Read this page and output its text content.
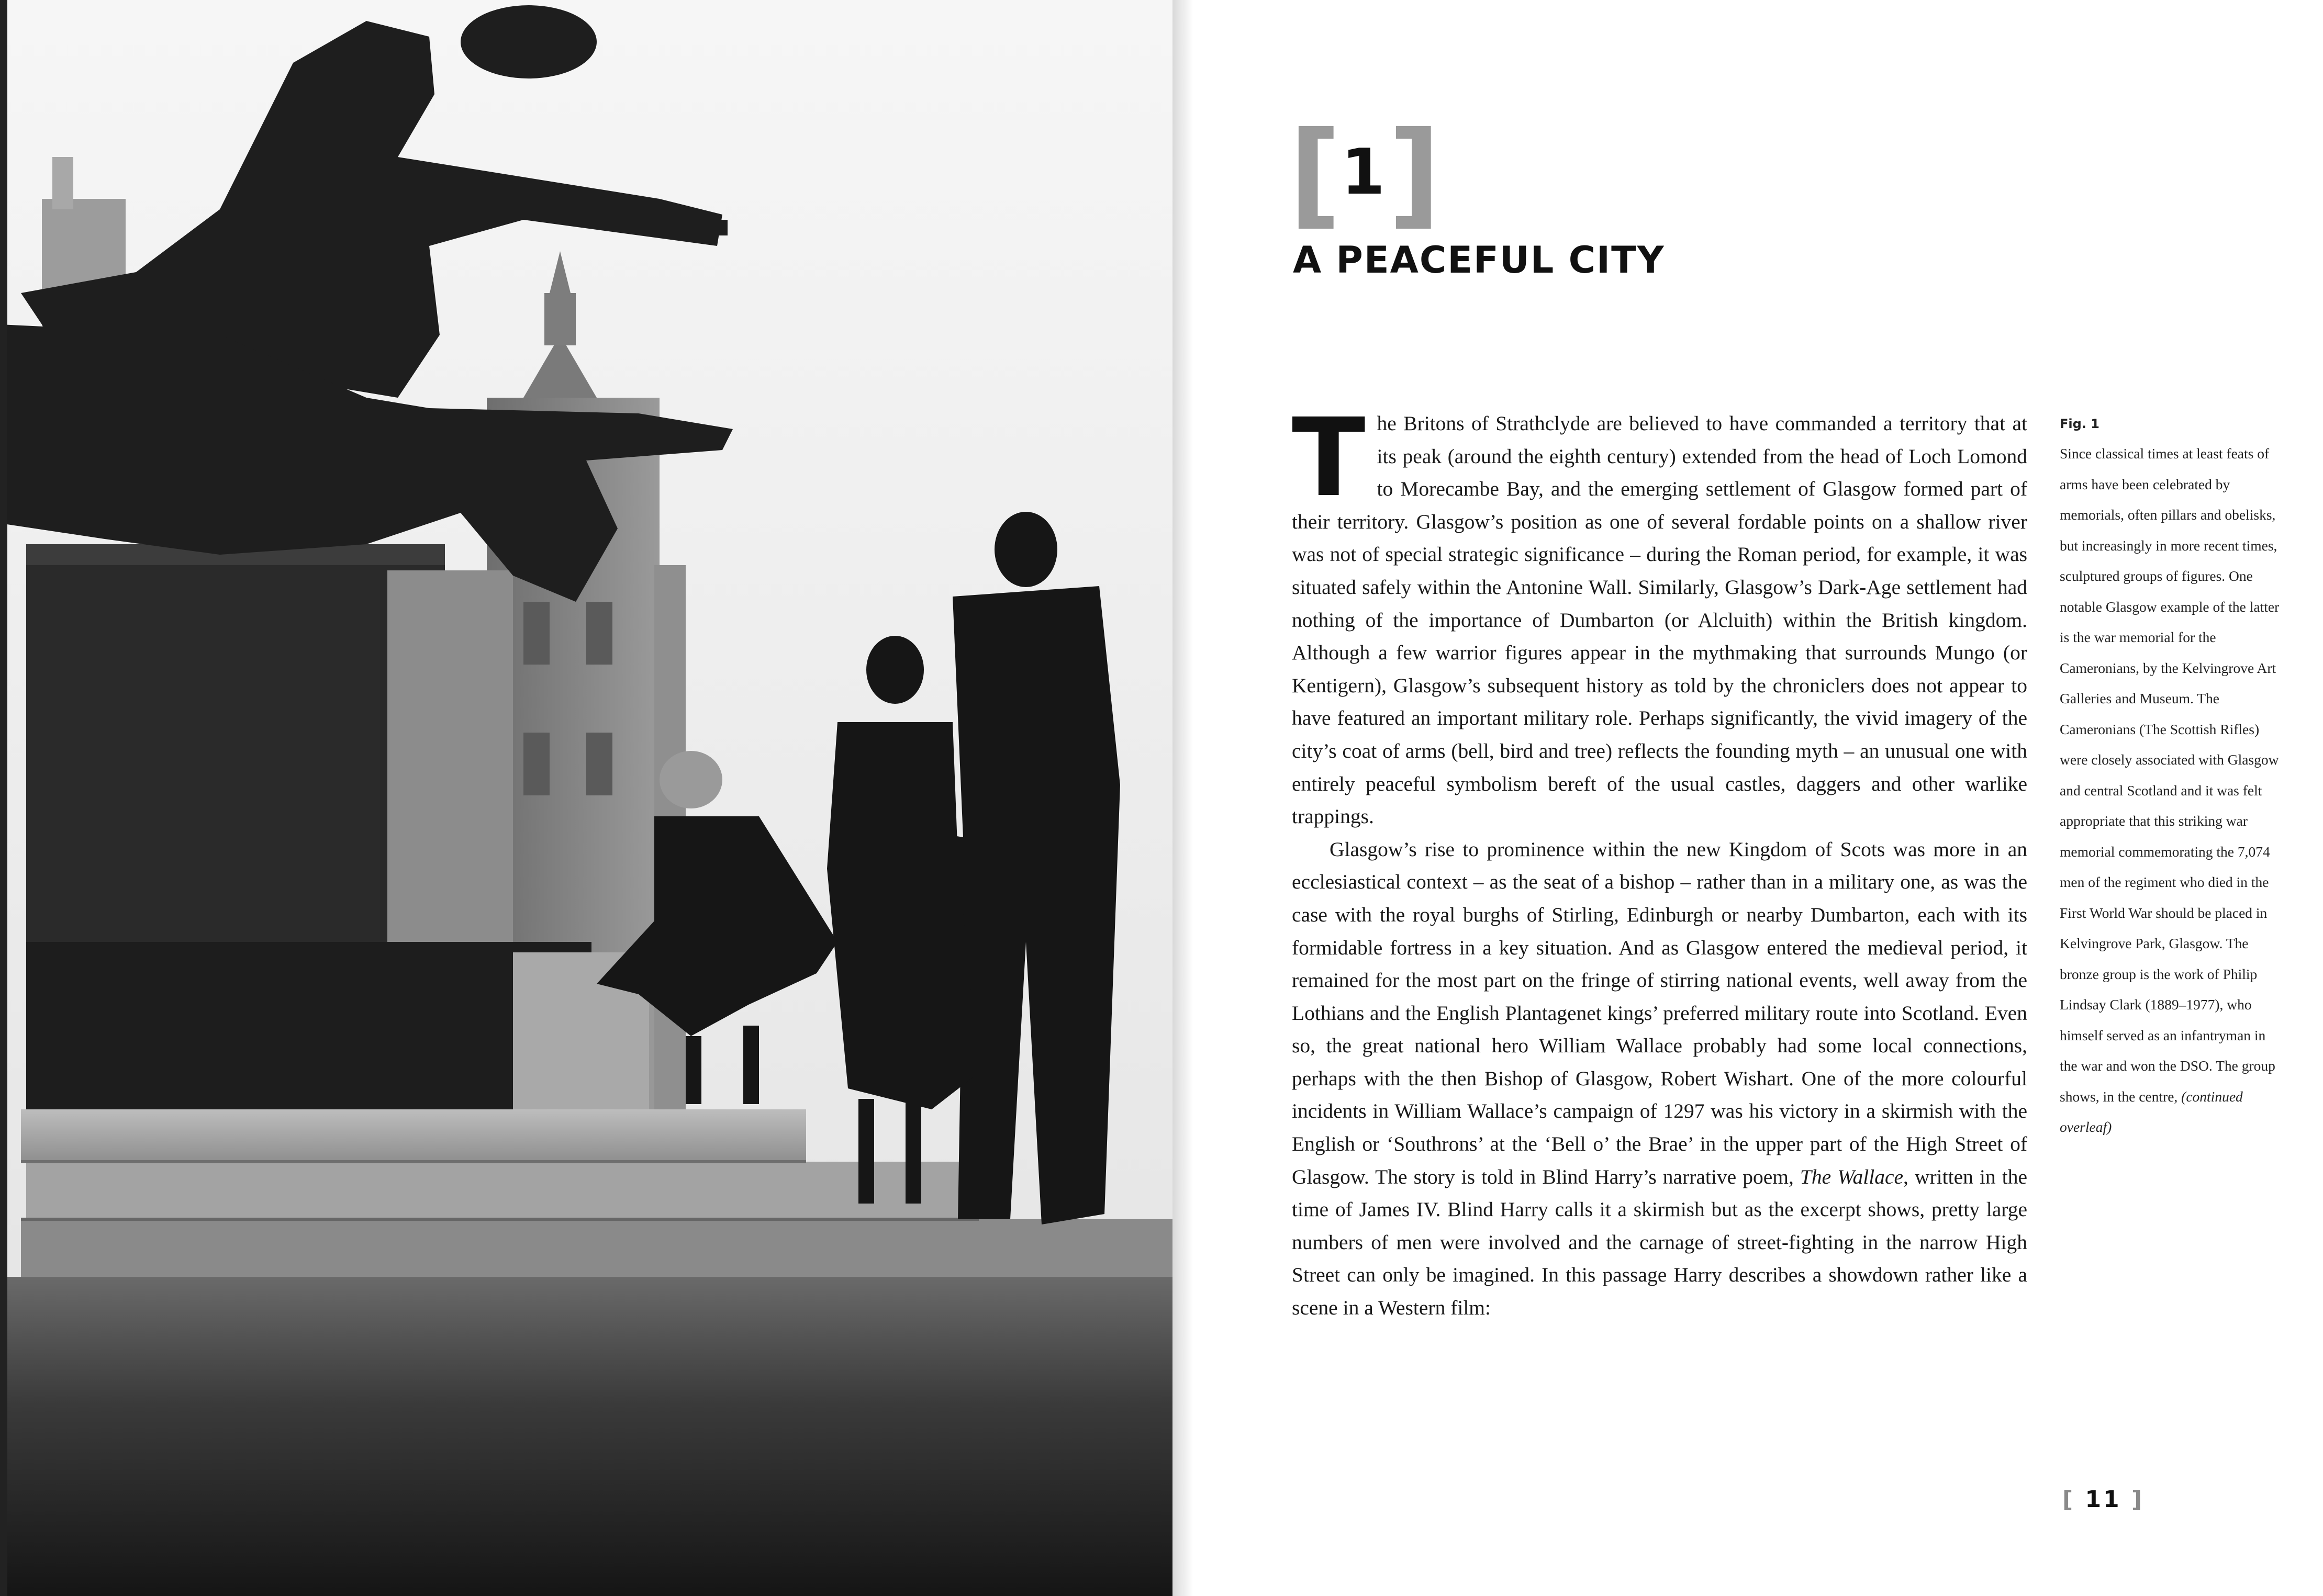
[1]
A PEACEFUL CITY

The Britons of Strathclyde are believed to have commanded a territory that at its peak (around the eighth century) extended from the head of Loch Lomond to Morecambe Bay, and the emerging settlement of Glasgow formed part of their territory. Glasgow’s position as one of several fordable points on a shallow river was not of special strategic significance – during the Roman period, for example, it was situated safely within the Antonine Wall. Similarly, Glasgow’s Dark-Age settlement had nothing of the importance of Dumbarton (or Alcluith) within the British kingdom. Although a few warrior figures appear in the mythmaking that surrounds Mungo (or Kentigern), Glasgow’s subsequent history as told by the chroniclers does not appear to have featured an important military role. Perhaps significantly, the vivid imagery of the city’s coat of arms (bell, bird and tree) reflects the founding myth – an unusual one with entirely peaceful symbolism bereft of the usual castles, daggers and other warlike trappings.

Glasgow’s rise to prominence within the new Kingdom of Scots was more in an ecclesiastical context – as the seat of a bishop – rather than in a military one, as was the case with the royal burghs of Stirling, Edinburgh or nearby Dumbarton, each with its formidable fortress in a key situation. And as Glasgow entered the medieval period, it remained for the most part on the fringe of stirring national events, well away from the Lothians and the English Plantagenet kings’ preferred military route into Scotland. Even so, the great national hero William Wallace probably had some local connections, perhaps with the then Bishop of Glasgow, Robert Wishart. One of the more colourful incidents in William Wallace’s campaign of 1297 was his victory in a skirmish with the English or ‘Southrons’ at the ‘Bell o’ the Brae’ in the upper part of the High Street of Glasgow. The story is told in Blind Harry’s narrative poem, The Wallace, written in the time of James IV. Blind Harry calls it a skirmish but as the excerpt shows, pretty large numbers of men were involved and the carnage of street-fighting in the narrow High Street can only be imagined. In this passage Harry describes a showdown rather like a scene in a Western film:

Fig. 1
Since classical times at least feats of arms have been celebrated by memorials, often pillars and obelisks, but increasingly in more recent times, sculptured groups of figures. One notable Glasgow example of the latter is the war memorial for the Cameronians, by the Kelvingrove Art Galleries and Museum. The Cameronians (The Scottish Rifles) were closely associated with Glasgow and central Scotland and it was felt appropriate that this striking war memorial commemorating the 7,074 men of the regiment who died in the First World War should be placed in Kelvingrove Park, Glasgow. The bronze group is the work of Philip Lindsay Clark (1889–1977), who himself served as an infantryman in the war and won the DSO. The group shows, in the centre, (continued overleaf)
[ 11 ]
